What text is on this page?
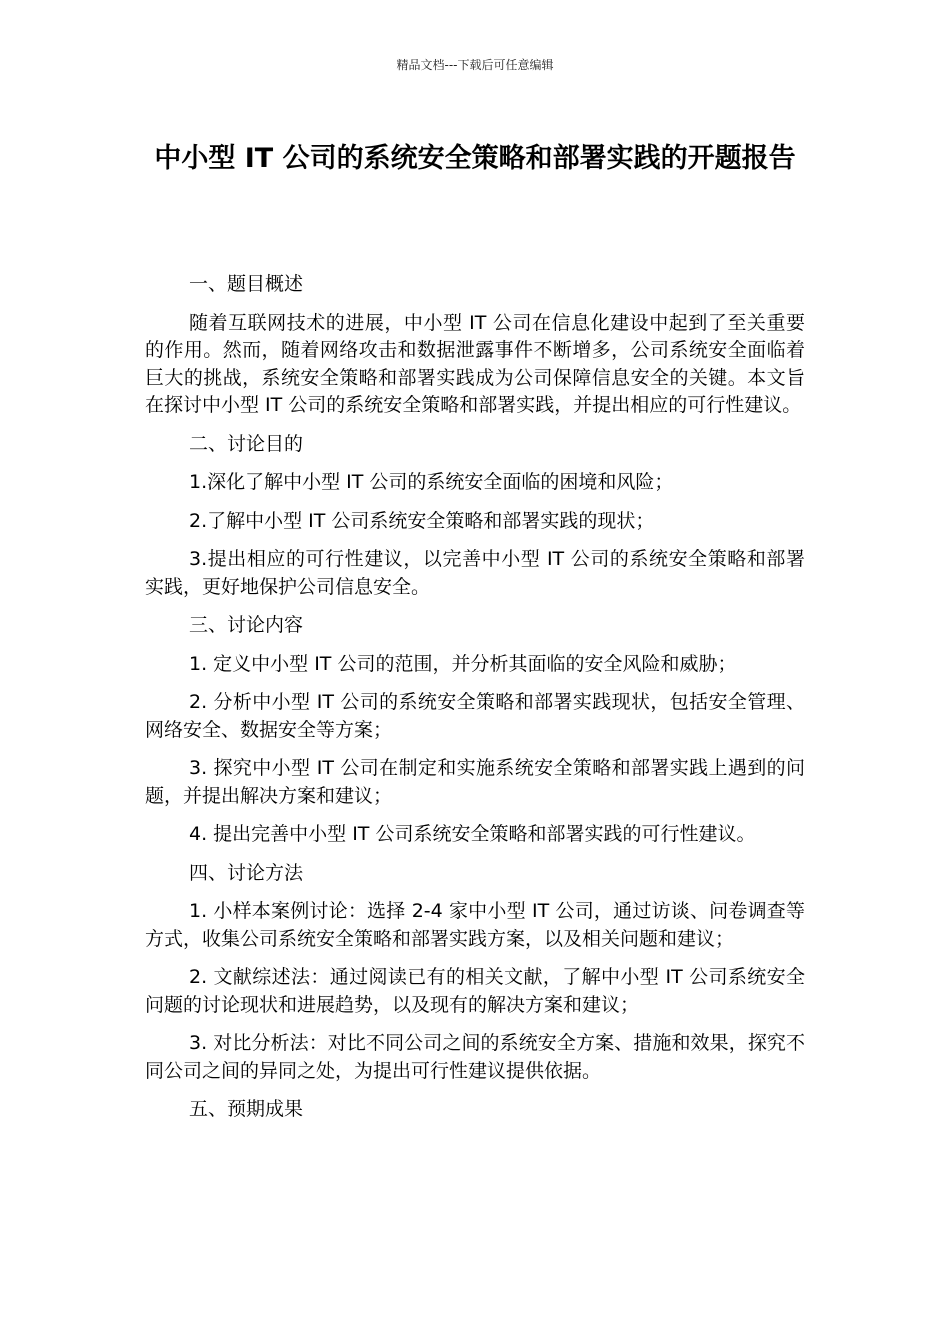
精品文档---下载后可任意编辑
中小型 IT 公司的系统安全策略和部署实践的开题报告

一、题目概述

随着互联网技术的进展，中小型 IT 公司在信息化建设中起到了至关重要的作用。然而，随着网络攻击和数据泄露事件不断增多，公司系统安全面临着巨大的挑战，系统安全策略和部署实践成为公司保障信息安全的关键。本文旨在探讨中小型 IT 公司的系统安全策略和部署实践，并提出相应的可行性建议。

二、讨论目的

1.深化了解中小型 IT 公司的系统安全面临的困境和风险；

2.了解中小型 IT 公司系统安全策略和部署实践的现状；

3.提出相应的可行性建议，以完善中小型 IT 公司的系统安全策略和部署实践，更好地保护公司信息安全。

三、讨论内容

1. 定义中小型 IT 公司的范围，并分析其面临的安全风险和威胁；

2. 分析中小型 IT 公司的系统安全策略和部署实践现状，包括安全管理、网络安全、数据安全等方案；

3. 探究中小型 IT 公司在制定和实施系统安全策略和部署实践上遇到的问题，并提出解决方案和建议；

4. 提出完善中小型 IT 公司系统安全策略和部署实践的可行性建议。

四、讨论方法

1. 小样本案例讨论：选择 2-4 家中小型 IT 公司，通过访谈、问卷调查等方式，收集公司系统安全策略和部署实践方案，以及相关问题和建议；

2. 文献综述法：通过阅读已有的相关文献，了解中小型 IT 公司系统安全问题的讨论现状和进展趋势，以及现有的解决方案和建议；

3. 对比分析法：对比不同公司之间的系统安全方案、措施和效果，探究不同公司之间的异同之处，为提出可行性建议提供依据。

五、预期成果
